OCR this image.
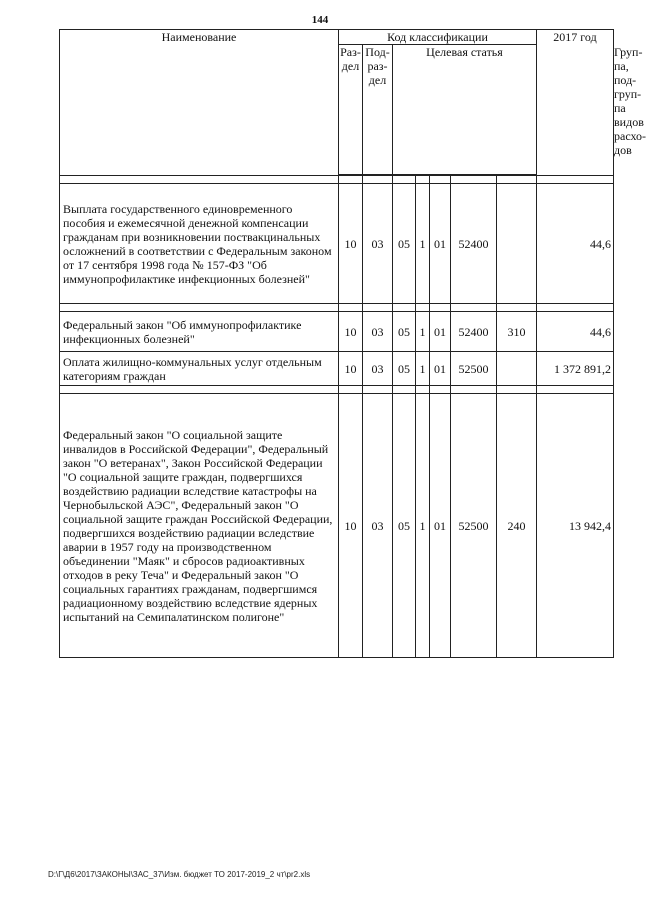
144
Наименование	Код классификации							2017 год	
	Раз- дел	Под- раз- дел	Целевая статья						Груп- па, под- груп- па видов расхо- дов

Выплата государственного единовременного пособия и ежемесячной денежной компенсации гражданам при возникновении поствакцинальных осложнений в соответствии с Федеральным законом от 17 сентября 1998 года № 157-ФЗ "Об иммунопрофилактике инфекционных болезней"	10	03	05	1	01	52400		44,6	

Федеральный закон "Об иммунопрофилактике инфекционных болезней"	10	03	05	1	01	52400	310	44,6	
Оплата жилищно-коммунальных услуг отдельным категориям граждан	10	03	05	1	01	52500		1 372 891,2	

Федеральный закон "О социальной защите инвалидов в Российской Федерации", Федеральный закон "О ветеранах", Закон Российской Федерации "О социальной защите граждан, подвергшихся воздействию радиации вследствие катастрофы на Чернобыльской АЭС", Федеральный закон "О социальной защите граждан Российской Федерации, подвергшихся воздействию радиации вследствие аварии в 1957 году на производственном объединении "Маяк" и сбросов радиоактивных отходов в реку Теча" и Федеральный закон "О социальных гарантиях гражданам, подвергшимся радиационному воздействию вследствие ядерных испытаний на Семипалатинском полигоне"	10	03	05	1	01	52500	240	13 942,4	
D:\Г\Д6\2017\ЗАКОНЫ\ЗАС_37\Изм. бюджет ТО 2017-2019_2 чт\pr2.xls
